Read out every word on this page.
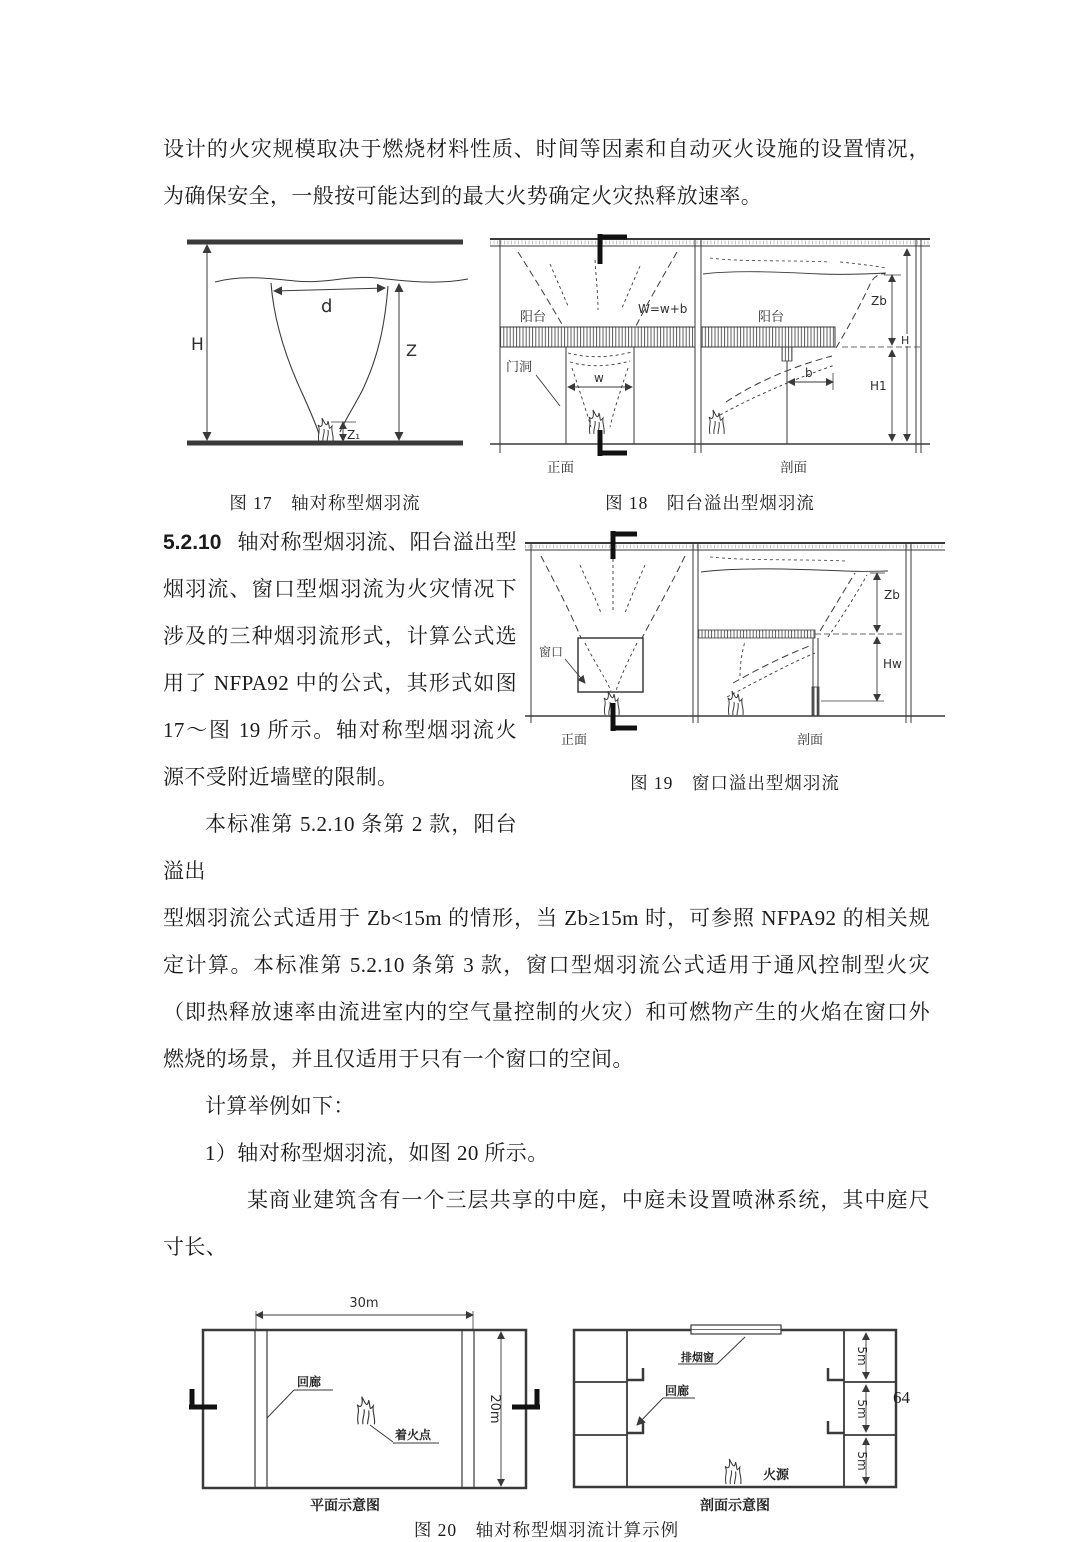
设计的火灾规模取决于燃烧材料性质、时间等因素和自动灭火设施的设置情况，为确保安全，一般按可能达到的最大火势确定火灾热释放速率。

H
d
Z
Z₁
图 17　轴对称型烟羽流
阳台
W=w+b
门洞
w
阳台
b
Zb
H
H1
正面	剖面
图 18　阳台溢出型烟羽流

5.2.10 轴对称型烟羽流、阳台溢出型烟羽流、窗口型烟羽流为火灾情况下涉及的三种烟羽流形式，计算公式选用了 NFPA92 中的公式，其形式如图 17～图 19 所示。轴对称型烟羽流火源不受附近墙壁的限制。

本标准第 5.2.10 条第 2 款，阳台溢出

窗口
Zb
Hw
正面	剖面
图 19　窗口溢出型烟羽流

型烟羽流公式适用于 Zb<15m 的情形，当 Zb≥15m 时，可参照 NFPA92 的相关规定计算。本标准第 5.2.10 条第 3 款，窗口型烟羽流公式适用于通风控制型火灾（即热释放速率由流进室内的空气量控制的火灾）和可燃物产生的火焰在窗口外燃烧的场景，并且仅适用于只有一个窗口的空间。

计算举例如下：

1）轴对称型烟羽流，如图 20 所示。

某商业建筑含有一个三层共享的中庭，中庭未设置喷淋系统，其中庭尺寸长、

30m
20m
回廊
着火点
平面示意图
排烟窗
回廊
火源
5m
5m
5m
剖面示意图

图 20　轴对称型烟羽流计算示例

64
